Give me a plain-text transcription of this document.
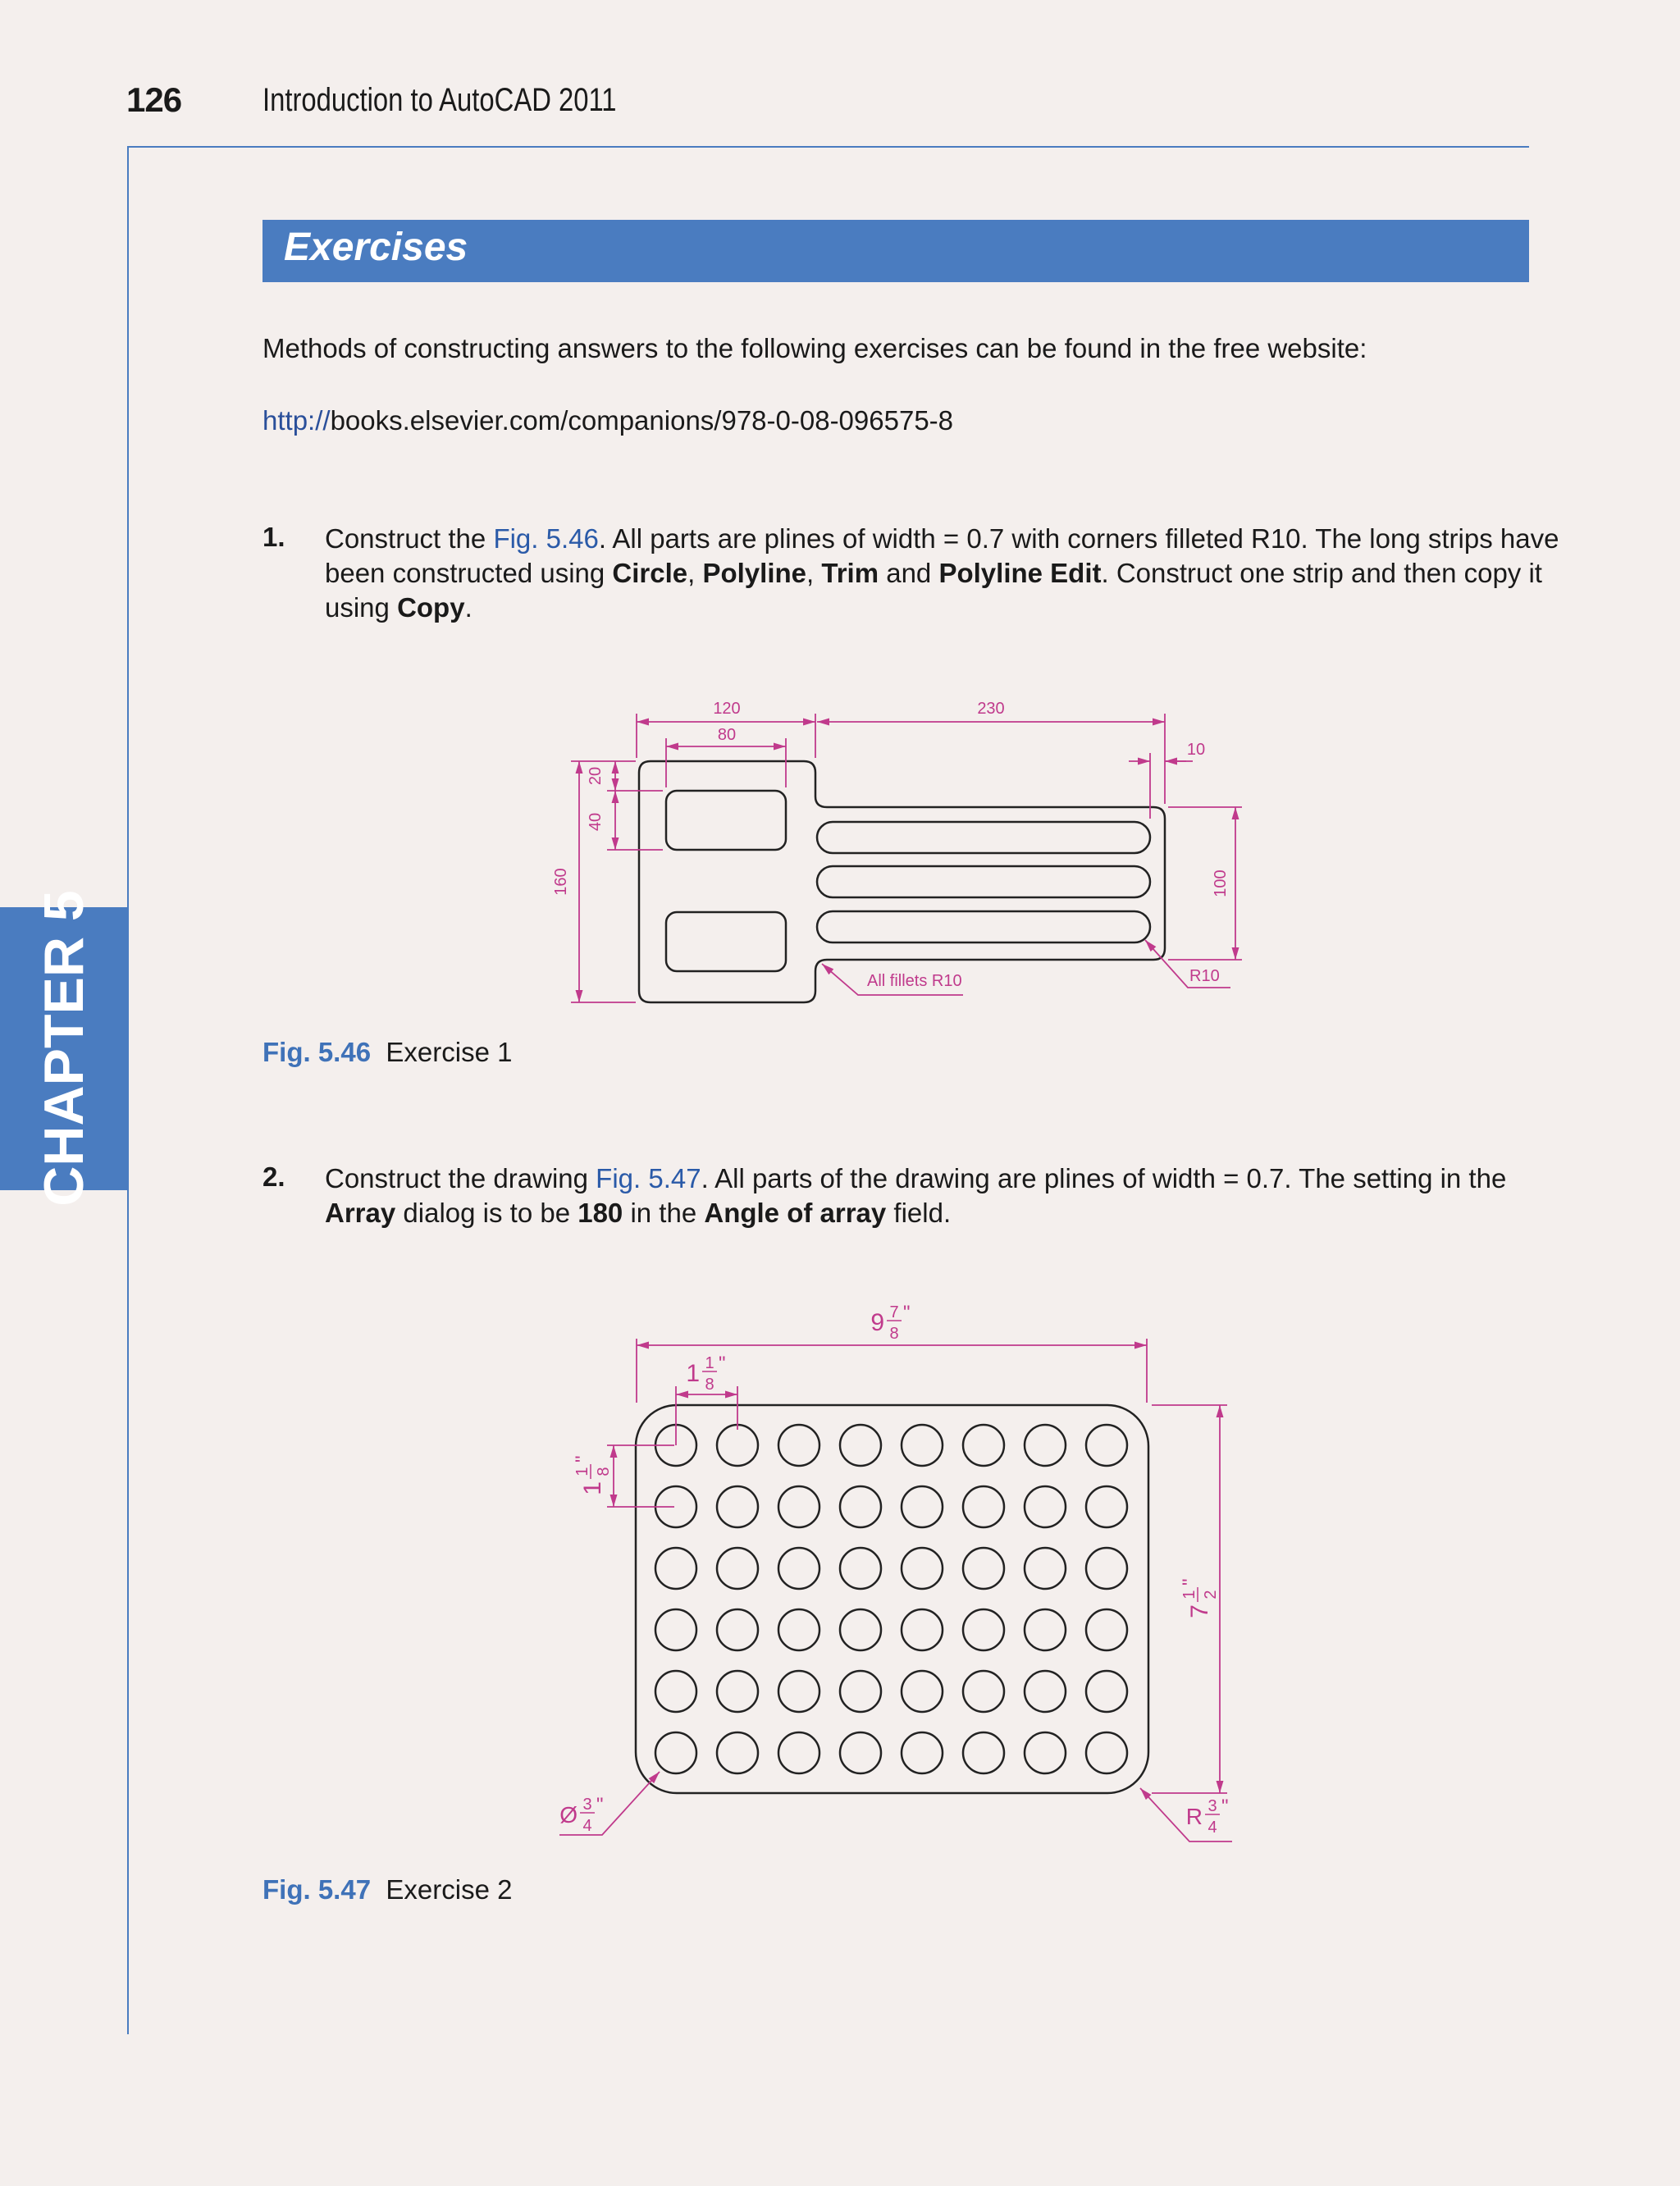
126 Introduction to AutoCAD 2011
CHAPTER 5
Exercises
Methods of constructing answers to the following exercises can be found in the free website:
http://books.elsevier.com/companions/978-0-08-096575-8
1. Construct the Fig. 5.46. All parts are plines of width = 0.7 with corners filleted R10. The long strips have been constructed using Circle, Polyline, Trim and Polyline Edit. Construct one strip and then copy it using Copy.
120	230
80
10
20
40
160	100
All fillets R10	R10
Fig. 5.46 Exercise 1
2. Construct the drawing Fig. 5.47. All parts of the drawing are plines of width = 0.7. The setting in the Array dialog is to be 180 in the Angle of array field.
9 7
8
"
1 1
8
"
1
1 8
"
7
1 2
"
Ø 3
4
"	R 3
4
"
Fig. 5.47 Exercise 2
